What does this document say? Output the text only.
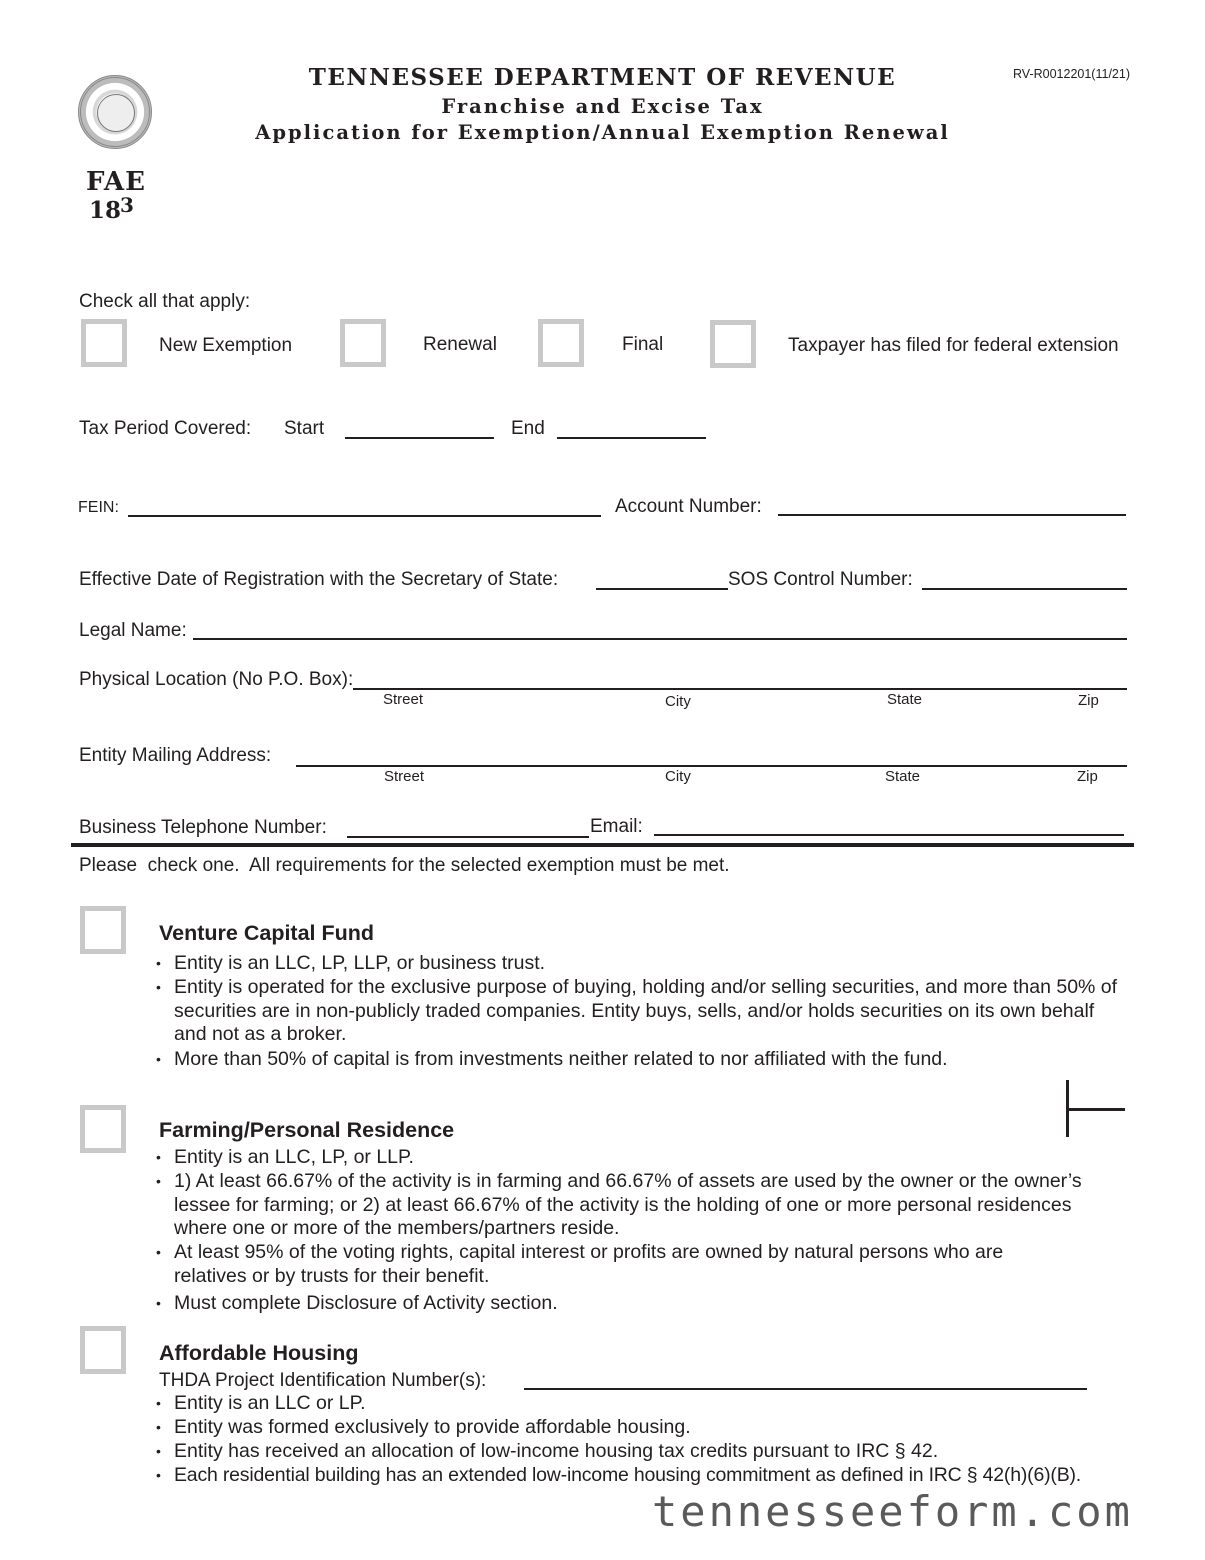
TENNESSEE DEPARTMENT OF REVENUE
Franchise and Excise Tax
Application for Exemption/Annual Exemption Renewal
RV-R0012201(11/21)
FAE
18
3
Check all that apply:
New Exemption	Renewal	Final	Taxpayer has filed for federal extension
Tax Period Covered: Start	End
FEIN:	Account Number:
Effective Date of Registration with the Secretary of State:	SOS Control Number:
Legal Name:
Physical Location (No P.O. Box):
Street	City	State	Zip
Entity Mailing Address:
Street	City	State	Zip
Business Telephone Number:	Email:
Please  check one.  All requirements for the selected exemption must be met.
Venture Capital Fund
• Entity is an LLC, LP, LLP, or business trust.
• Entity is operated for the exclusive purpose of buying, holding and/or selling securities, and more than 50% of securities are in non-publicly traded companies. Entity buys, sells, and/or holds securities on its own behalf and not as a broker.
• More than 50% of capital is from investments neither related to nor affiliated with the fund.
Farming/Personal Residence
• Entity is an LLC, LP, or LLP.
• 1) At least 66.67% of the activity is in farming and 66.67% of assets are used by the owner or the owner’s lessee for farming; or 2) at least 66.67% of the activity is the holding of one or more personal residences where one or more of the members/partners reside.
• At least 95% of the voting rights, capital interest or profits are owned by natural persons who are relatives or by trusts for their benefit.
• Must complete Disclosure of Activity section.
Affordable Housing
THDA Project Identification Number(s):
• Entity is an LLC or LP.
• Entity was formed exclusively to provide affordable housing.
• Entity has received an allocation of low-income housing tax credits pursuant to IRC § 42.
• Each residential building has an extended low-income housing commitment as defined in IRC § 42(h)(6)(B).
tennesseeform.com
